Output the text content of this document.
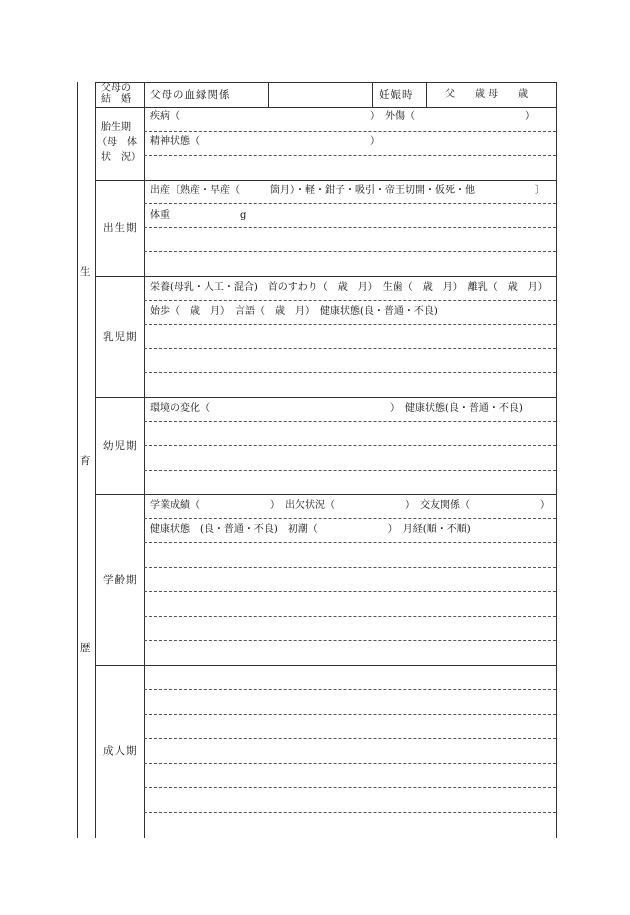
生
育
歴
父母の
結　婚 父母の血縁関係	妊娠時	父　　歳 母　　歳
胎生期
（母　体
状　況）
疾病（　　　　　　　　　　　　　　　　　　　）　外傷（　　　　　　　　　　　）
精神状態（　　　　　　　　　　　　　　　　　）
出生期
出産〔熟産・早産（　　　箇月）・軽・鉗子・吸引・帝王切開・仮死・他　　　　　　〕
体重　　　　　　　g
乳児期
栄養(母乳・人工・混合)　首のすわり（　歳　月）　生歯（　歳　月）　離乳（　歳　月）
始歩（　歳　月）　言語（　歳　月）　健康状態(良・普通・不良)
幼児期
環境の変化（　　　　　　　　　　　　　　　　　　）　健康状態(良・普通・不良)
学齢期
学業成績（　　　　　　　）　出欠状況（　　　　　　　）　交友関係（　　　　　　　）
健康状態　(良・普通・不良)　初潮（　　　　　　　）　月経(順・不順)
成人期
